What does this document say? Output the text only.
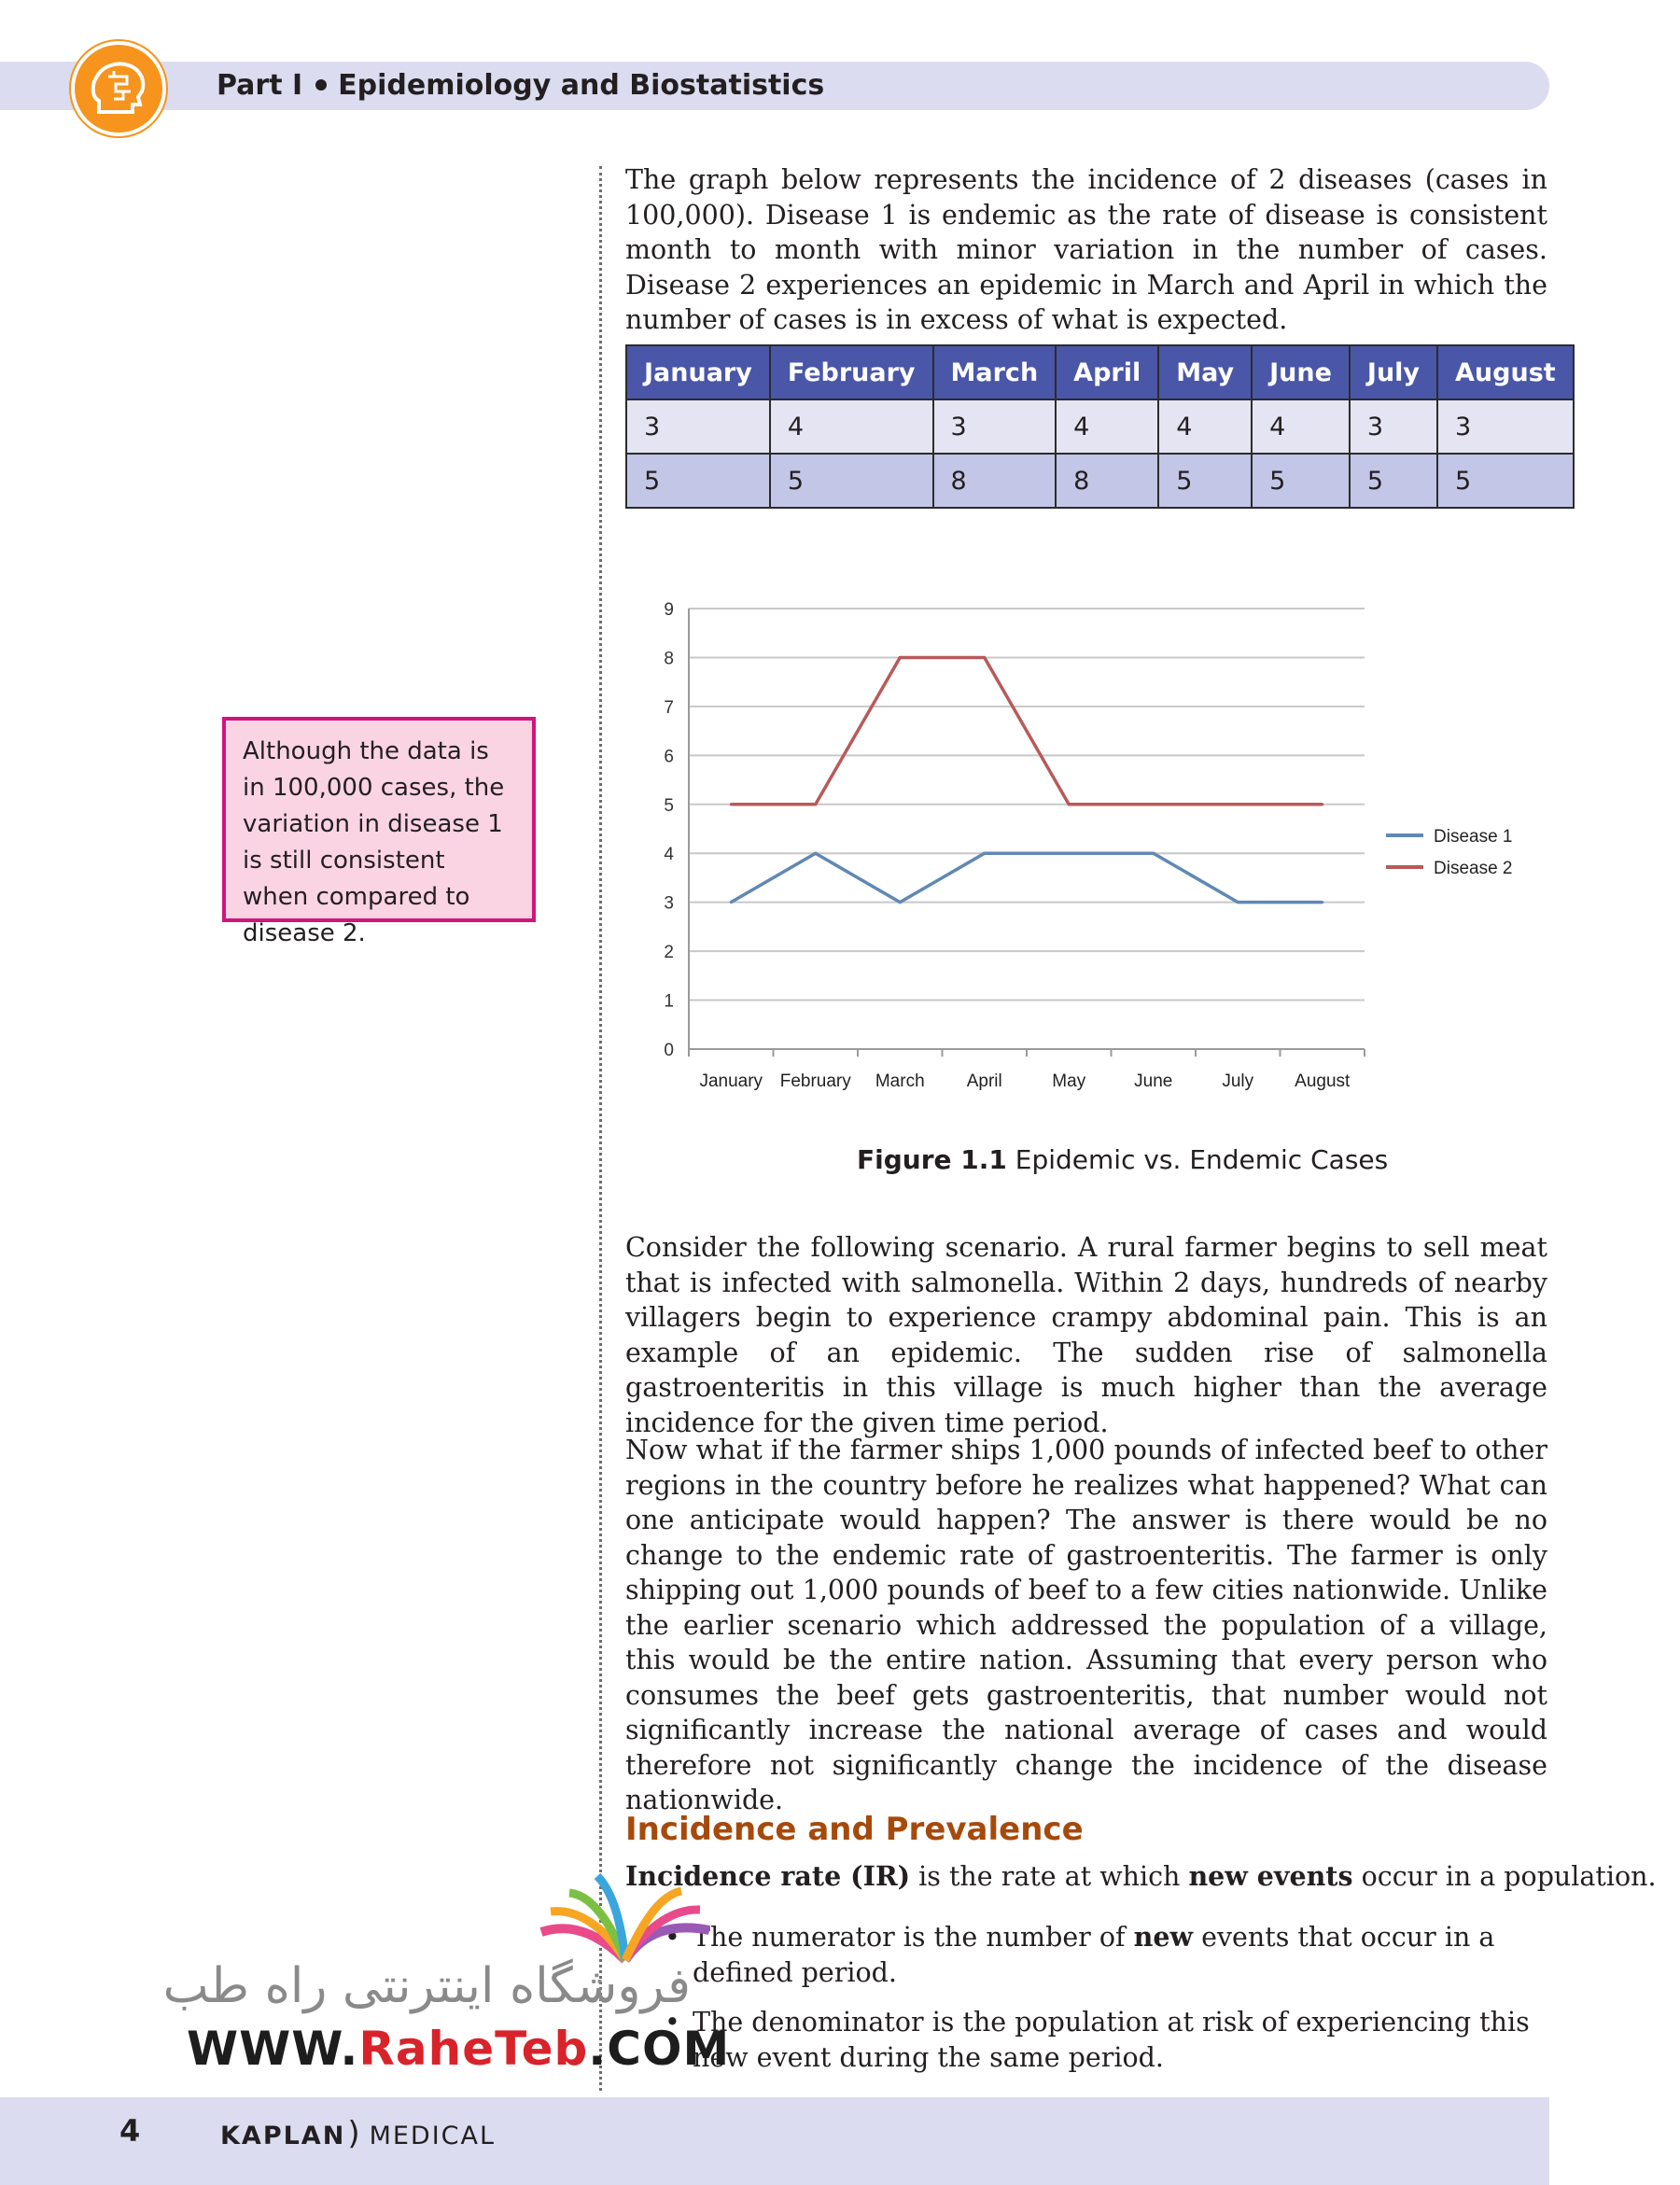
Part I Epidemiology and Biostatistics

The graph below represents the incidence of 2 diseases (cases in 100,000). Disease 1 is endemic as the rate of disease is consistent month to month with minor variation in the number of cases. Disease 2 experiences an epidemic in March and April in which the number of cases is in excess of what is expected.

January	February	March	April	May	June	July	August
3	4	3	4	4	4	3	3
5	5	8	8	5	5	5	5
Although the data is in 100,000 cases, the variation in disease 1 is still consistent when compared to disease 2.
0
1
2
3
4
5
6
7
8
9
January February March April	May	June	July August
Disease 1
Disease 2
Figure 1.1 Epidemic vs. Endemic Cases

Consider the following scenario. A rural farmer begins to sell meat that is infected with salmonella. Within 2 days, hundreds of nearby villagers begin to experience crampy abdominal pain. This is an example of an epidemic. The sudden rise of salmonella gastroenteritis in this village is much higher than the average incidence for the given time period.

Now what if the farmer ships 1,000 pounds of infected beef to other regions in the country before he realizes what happened? What can one anticipate would happen? The answer is there would be no change to the endemic rate of gastroenteritis. The farmer is only shipping out 1,000 pounds of beef to a few cities nationwide. Unlike the earlier scenario which addressed the population of a village, this would be the entire nation. Assuming that every person who consumes the beef gets gastroenteritis, that number would not significantly increase the national average of cases and would therefore not significantly change the incidence of the disease nationwide.

Incidence and Prevalence
Incidence rate (IR) is the rate at which new events occur in a population.
• The numerator is the number of new events that occur in a defined period.
• The denominator is the population at risk of experiencing this new event during the same period.
فروشگاه اینترنتی راه طب
WWW.RaheTeb.COM
4	KAPLAN) MEDICAL
